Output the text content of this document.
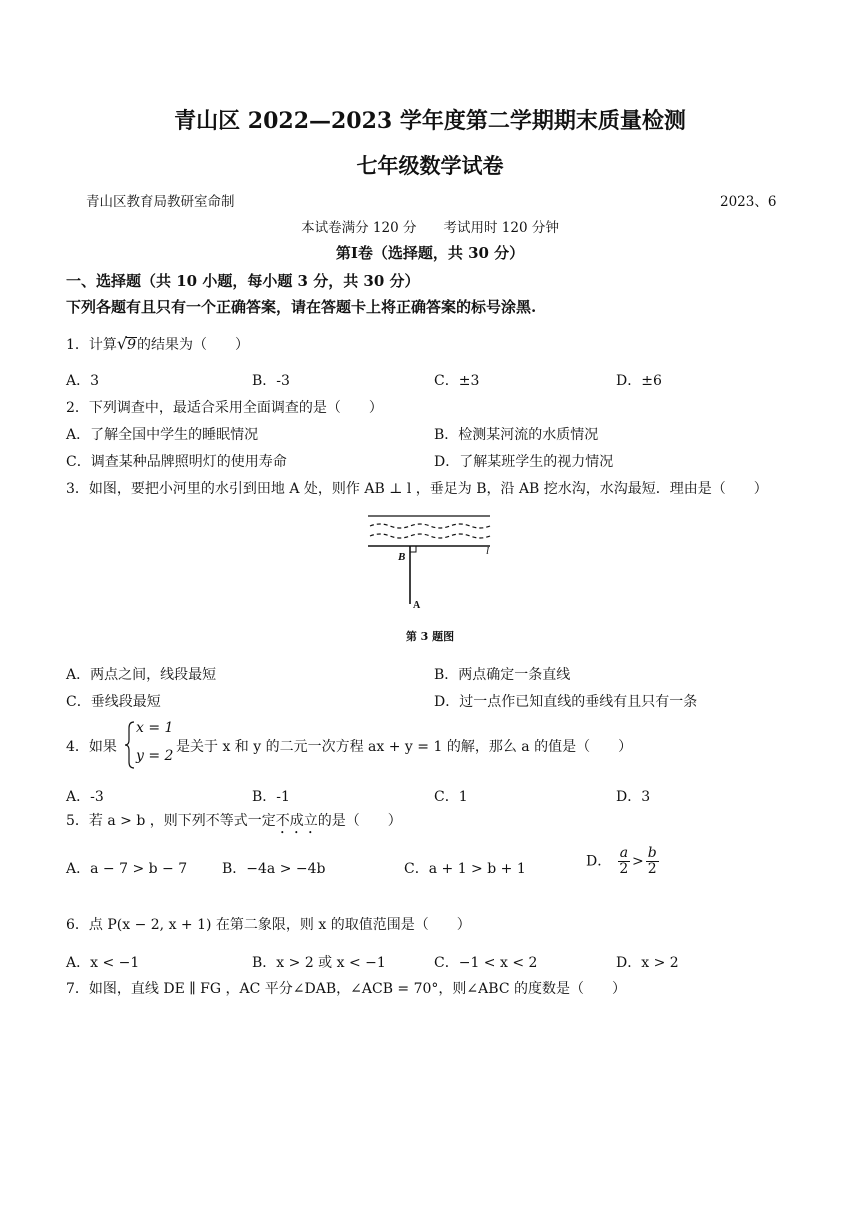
青山区 2022—2023 学年度第二学期期末质量检测
七年级数学试卷
青山区教育局教研室命制	2023、6
本试卷满分 120 分　　考试用时 120 分钟
第Ⅰ卷（选择题，共 30 分）
一、选择题（共 10 小题，每小题 3 分，共 30 分）
下列各题有且只有一个正确答案，请在答题卡上将正确答案的标号涂黑.
1．计算√9的结果为（　　）
A．3	B．-3	C．±3	D．±6
2．下列调查中，最适合采用全面调查的是（　　）
A．了解全国中学生的睡眠情况	B．检测某河流的水质情况
C．调查某种品牌照明灯的使用寿命	D．了解某班学生的视力情况
3．如图，要把小河里的水引到田地 A 处，则作 AB ⊥ l ，垂足为 B，沿 AB 挖水沟，水沟最短．理由是（　　）
B	l
A
第 3 题图
A．两点之间，线段最短	B．两点确定一条直线
C．垂线段最短	D．过一点作已知直线的垂线有且只有一条
4．如果
x = 1
y = 2
是关于 x 和 y 的二元一次方程 ax + y = 1 的解，那么 a 的值是（　　）
A．-3	B．-1	C．1	D．3
5．若 a > b ，则下列不等式一定不成立的是（　　）
A．a − 7 > b − 7 B．−4a > −4b	C．a + 1 > b + 1	D． $\frac{a}{2} > \frac{b}{2}$
6．点 P(x − 2, x + 1) 在第二象限，则 x 的取值范围是（　　）
A．x < −1	B．x > 2 或 x < −1	C．−1 < x < 2	D．x > 2
7．如图，直线 DE ∥ FG ，AC 平分∠DAB，∠ACB = 70°，则∠ABC 的度数是（　　）
